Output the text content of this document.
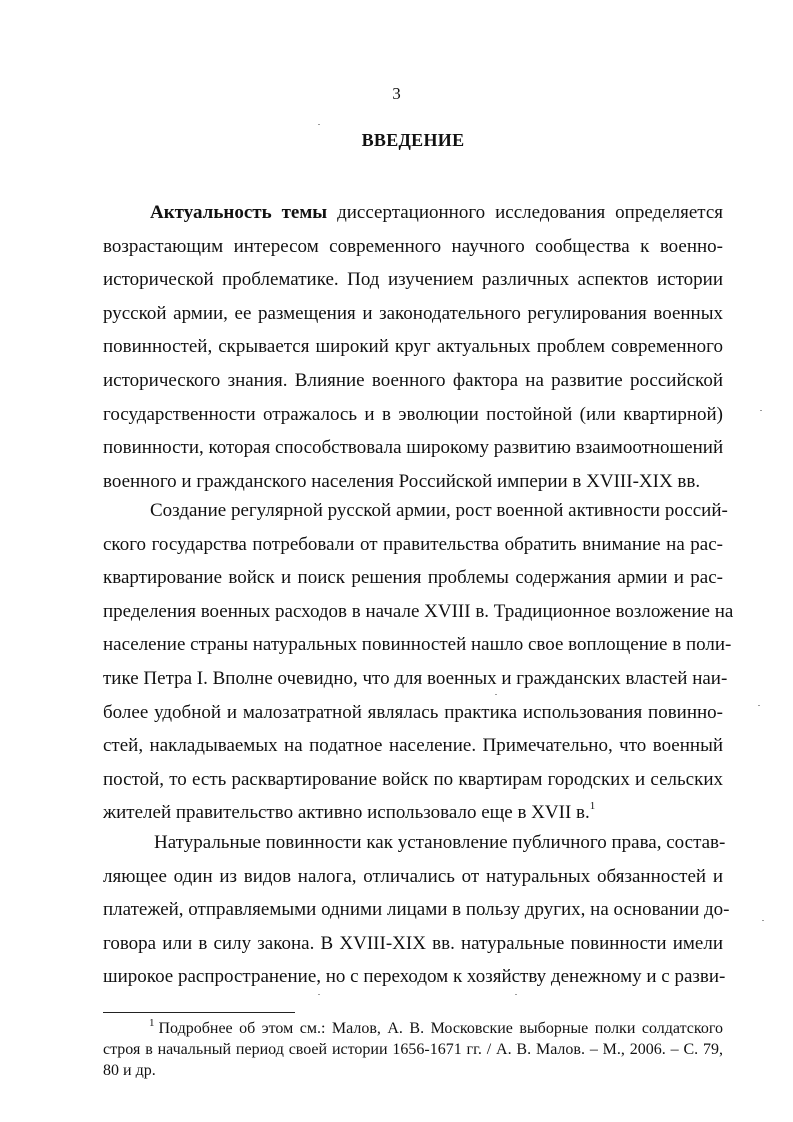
3
ВВЕДЕНИЕ
Актуальность темы диссертационного исследования определяется
возрастающим интересом современного научного сообщества к военно-
исторической проблематике. Под изучением различных аспектов истории
русской армии, ее размещения и законодательного регулирования военных
повинностей, скрывается широкий круг актуальных проблем современного
исторического знания. Влияние военного фактора на развитие российской
государственности отражалось и в эволюции постойной (или квартирной)
повинности, которая способствовала широкому развитию взаимоотношений
военного и гражданского населения Российской империи в XVIII-XIX вв.
Создание регулярной русской армии, рост военной активности россий-
ского государства потребовали от правительства обратить внимание на рас-
квартирование войск и поиск решения проблемы содержания армии и рас-
пределения военных расходов в начале XVIII в. Традиционное возложение на
население страны натуральных повинностей нашло свое воплощение в поли-
тике Петра I. Вполне очевидно, что для военных и гражданских властей наи-
более удобной и малозатратной являлась практика использования повинно-
стей, накладываемых на податное население. Примечательно, что военный
постой, то есть расквартирование войск по квартирам городских и сельских
жителей правительство активно использовало еще в XVII в.$^1$
Натуральные повинности как установление публичного права, состав-
ляющее один из видов налога, отличались от натуральных обязанностей и
платежей, отправляемыми одними лицами в пользу других, на основании до-
говора или в силу закона. В XVIII-XIX вв. натуральные повинности имели
широкое распространение, но с переходом к хозяйству денежному и с разви-
$^1$ Подробнее об этом см.: Малов, А. В. Московские выборные полки солдатского
строя в начальный период своей истории 1656-1671 гг. / А. В. Малов. – М., 2006. – С. 79,
80 и др.
